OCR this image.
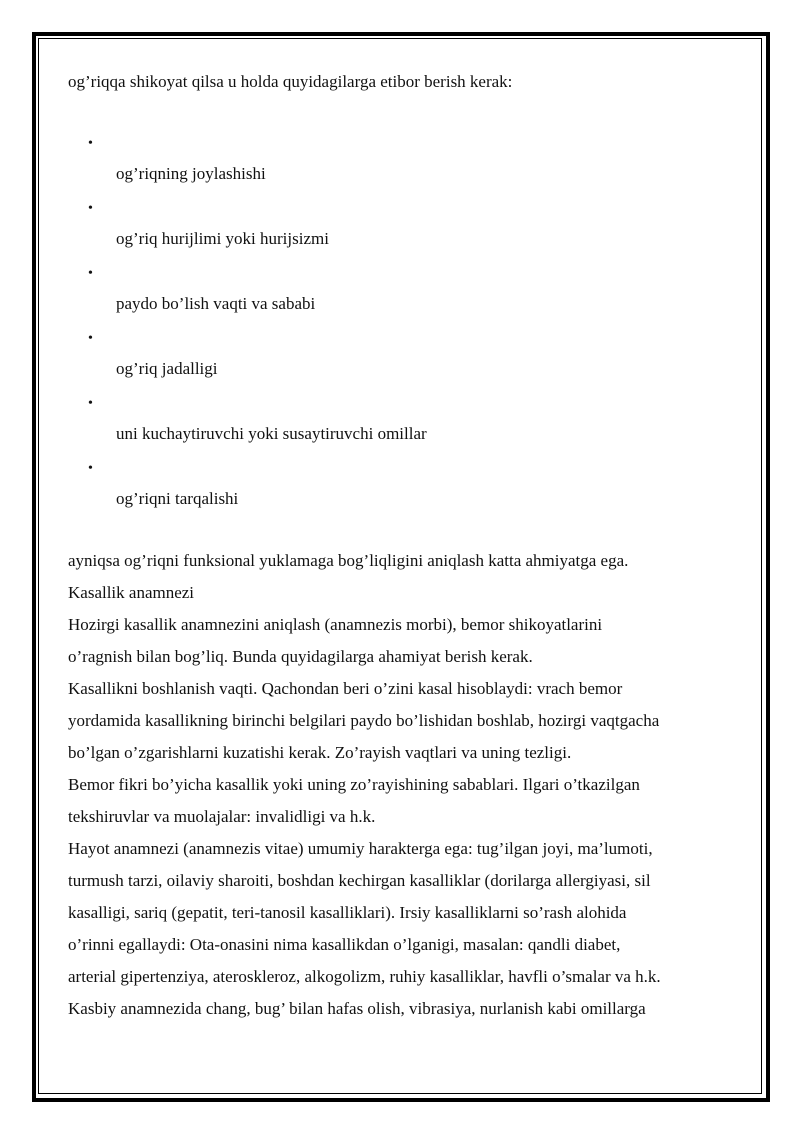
og’riqqa shikoyat qilsa u holda quyidagilarga etibor berish kerak:

•
og’riqning joylashishi
•
og’riq hurijlimi yoki hurijsizmi
•
paydo bo’lish vaqti va sababi
•
og’riq jadalligi
•
uni kuchaytiruvchi yoki susaytiruvchi omillar
•
og’riqni tarqalishi

ayniqsa og’riqni funksional yuklamaga bog’liqligini aniqlash katta ahmiyatga ega.

Kasallik anamnezi

Hozirgi kasallik anamnezini aniqlash (anamnezis morbi), bemor shikoyatlarini

o’ragnish bilan bog’liq. Bunda quyidagilarga ahamiyat berish kerak.

Kasallikni boshlanish vaqti. Qachondan beri o’zini kasal hisoblaydi: vrach bemor

yordamida kasallikning birinchi belgilari paydo bo’lishidan boshlab, hozirgi vaqtgacha

bo’lgan o’zgarishlarni kuzatishi kerak. Zo’rayish vaqtlari va uning tezligi.

Bemor fikri bo’yicha kasallik yoki uning zo’rayishining sabablari. Ilgari o’tkazilgan

tekshiruvlar va muolajalar: invalidligi va h.k.

Hayot anamnezi (anamnezis vitae) umumiy harakterga ega: tug’ilgan joyi, ma’lumoti,

turmush tarzi, oilaviy sharoiti, boshdan kechirgan kasalliklar (dorilarga allergiyasi, sil

kasalligi, sariq (gepatit, teri-tanosil kasalliklari). Irsiy kasalliklarni so’rash alohida

o’rinni egallaydi: Ota-onasini nima kasallikdan o’lganigi, masalan: qandli diabet,

arterial gipertenziya, ateroskleroz, alkogolizm, ruhiy kasalliklar, havfli o’smalar va h.k.

Kasbiy anamnezida chang, bug’ bilan hafas olish, vibrasiya, nurlanish kabi omillarga
